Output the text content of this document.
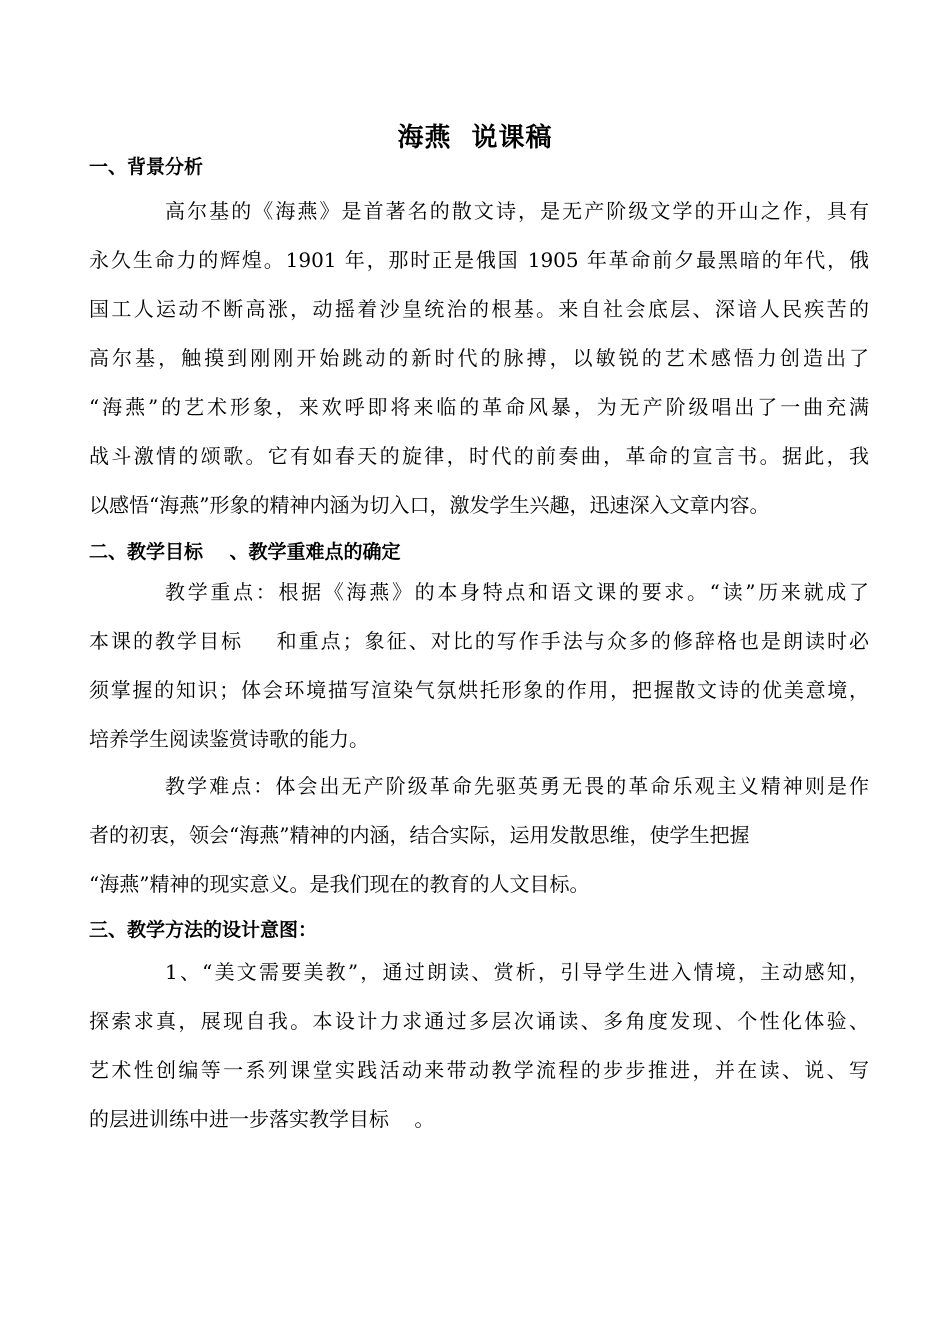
海燕  说课稿
一、背景分析
高尔基的《海燕》是首著名的散文诗，是无产阶级文学的开山之作，具有
永久生命力的辉煌。1901 年，那时正是俄国 1905 年革命前夕最黑暗的年代，俄
国工人运动不断高涨，动摇着沙皇统治的根基。来自社会底层、深谙人民疾苦的
高尔基，触摸到刚刚开始跳动的新时代的脉搏，以敏锐的艺术感悟力创造出了
“海燕”的艺术形象，来欢呼即将来临的革命风暴，为无产阶级唱出了一曲充满
战斗激情的颂歌。它有如春天的旋律，时代的前奏曲，革命的宣言书。据此，我
以感悟“海燕”形象的精神内涵为切入口，激发学生兴趣，迅速深入文章内容。
二、教学目标    、教学重难点的确定
教学重点：根据《海燕》的本身特点和语文课的要求。“读”历来就成了
本课的教学目标    和重点；象征、对比的写作手法与众多的修辞格也是朗读时必
须掌握的知识；体会环境描写渲染气氛烘托形象的作用，把握散文诗的优美意境，
培养学生阅读鉴赏诗歌的能力。
教学难点：体会出无产阶级革命先驱英勇无畏的革命乐观主义精神则是作
者的初衷，领会“海燕”精神的内涵，结合实际，运用发散思维，使学生把握
“海燕”精神的现实意义。是我们现在的教育的人文目标。
三、教学方法的设计意图：
1、“美文需要美教”，通过朗读、赏析，引导学生进入情境，主动感知，
探索求真，展现自我。本设计力求通过多层次诵读、多角度发现、个性化体验、
艺术性创编等一系列课堂实践活动来带动教学流程的步步推进，并在读、说、写
的层进训练中进一步落实教学目标    。
